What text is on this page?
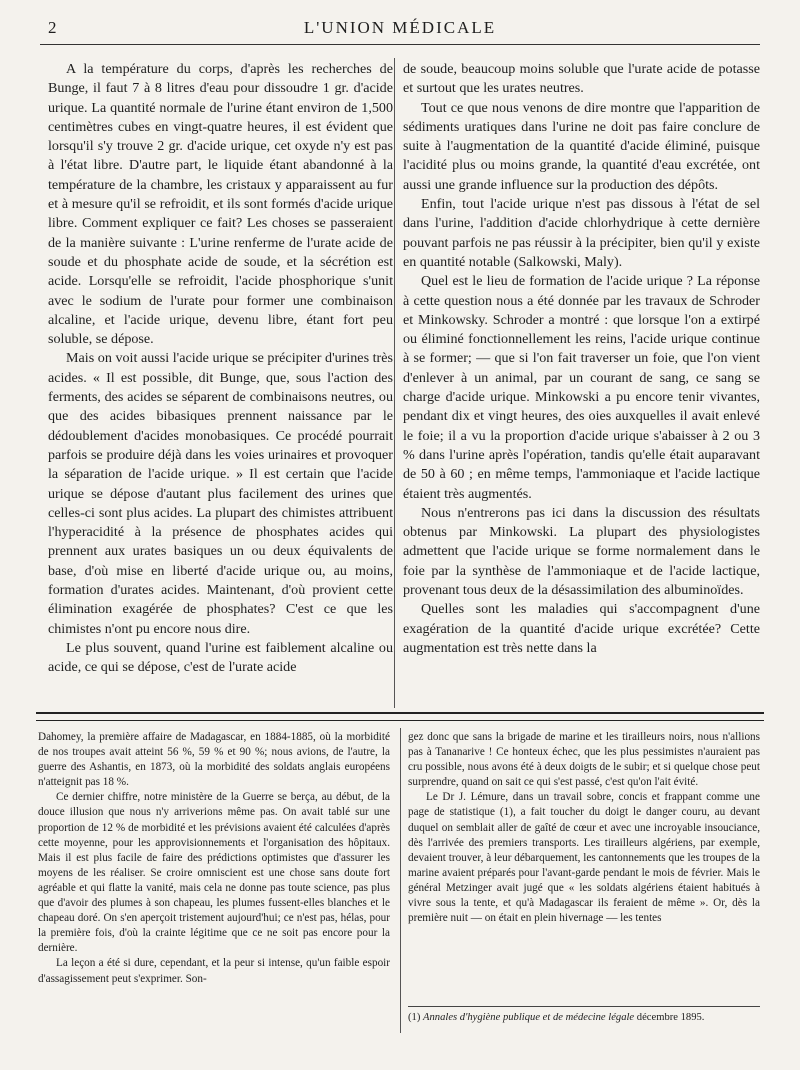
2	L'UNION MÉDICALE

A la température du corps, d'après les recherches de Bunge, il faut 7 à 8 litres d'eau pour dissoudre 1 gr. d'acide urique. La quantité normale de l'urine étant environ de 1,500 centimètres cubes en vingt-quatre heures, il est évident que lorsqu'il s'y trouve 2 gr. d'acide urique, cet oxyde n'y est pas à l'état libre. D'autre part, le liquide étant abandonné à la température de la chambre, les cristaux y apparaissent au fur et à mesure qu'il se refroidit, et ils sont formés d'acide urique libre. Comment expliquer ce fait? Les choses se passeraient de la manière suivante : L'urine renferme de l'urate acide de soude et du phosphate acide de soude, et la sécrétion est acide. Lorsqu'elle se refroidit, l'acide phosphorique s'unit avec le sodium de l'urate pour former une combinaison alcaline, et l'acide urique, devenu libre, étant fort peu soluble, se dépose.

Mais on voit aussi l'acide urique se précipiter d'urines très acides. « Il est possible, dit Bunge, que, sous l'action des ferments, des acides se séparent de combinaisons neutres, ou que des acides bibasiques prennent naissance par le dédoublement d'acides monobasiques. Ce procédé pourrait parfois se produire déjà dans les voies urinaires et provoquer la séparation de l'acide urique. » Il est certain que l'acide urique se dépose d'autant plus facilement des urines que celles-ci sont plus acides. La plupart des chimistes attribuent l'hyperacidité à la présence de phosphates acides qui prennent aux urates basiques un ou deux équivalents de base, d'où mise en liberté d'acide urique ou, au moins, formation d'urates acides. Maintenant, d'où provient cette élimination exagérée de phosphates? C'est ce que les chimistes n'ont pu encore nous dire.

Le plus souvent, quand l'urine est faiblement alcaline ou acide, ce qui se dépose, c'est de l'urate acide

de soude, beaucoup moins soluble que l'urate acide de potasse et surtout que les urates neutres.

Tout ce que nous venons de dire montre que l'apparition de sédiments uratiques dans l'urine ne doit pas faire conclure de suite à l'augmentation de la quantité d'acide éliminé, puisque l'acidité plus ou moins grande, la quantité d'eau excrétée, ont aussi une grande influence sur la production des dépôts.

Enfin, tout l'acide urique n'est pas dissous à l'état de sel dans l'urine, l'addition d'acide chlorhydrique à cette dernière pouvant parfois ne pas réussir à la précipiter, bien qu'il y existe en quantité notable (Salkowski, Maly).

Quel est le lieu de formation de l'acide urique ? La réponse à cette question nous a été donnée par les travaux de Schroder et Minkowsky. Schroder a montré : que lorsque l'on a extirpé ou éliminé fonctionnellement les reins, l'acide urique continue à se former; — que si l'on fait traverser un foie, que l'on vient d'enlever à un animal, par un courant de sang, ce sang se charge d'acide urique. Minkowski a pu encore tenir vivantes, pendant dix et vingt heures, des oies auxquelles il avait enlevé le foie; il a vu la proportion d'acide urique s'abaisser à 2 ou 3 % dans l'urine après l'opération, tandis qu'elle était auparavant de 50 à 60 ; en même temps, l'ammoniaque et l'acide lactique étaient très augmentés.

Nous n'entrerons pas ici dans la discussion des résultats obtenus par Minkowski. La plupart des physiologistes admettent que l'acide urique se forme normalement dans le foie par la synthèse de l'ammoniaque et de l'acide lactique, provenant tous deux de la désassimilation des albuminoïdes.

Quelles sont les maladies qui s'accompagnent d'une exagération de la quantité d'acide urique excrétée? Cette augmentation est très nette dans la

Dahomey, la première affaire de Madagascar, en 1884-1885, où la morbidité de nos troupes avait atteint 56 %, 59 % et 90 %; nous avions, de l'autre, la guerre des Ashantis, en 1873, où la morbidité des soldats anglais européens n'atteignit pas 18 %.

Ce dernier chiffre, notre ministère de la Guerre se berça, au début, de la douce illusion que nous n'y arriverions même pas. On avait tablé sur une proportion de 12 % de morbidité et les prévisions avaient été calculées d'après cette moyenne, pour les approvisionnements et l'organisation des hôpitaux. Mais il est plus facile de faire des prédictions optimistes que d'assurer les moyens de les réaliser. Se croire omniscient est une chose sans doute fort agréable et qui flatte la vanité, mais cela ne donne pas toute science, pas plus que d'avoir des plumes à son chapeau, les plumes fussent-elles blanches et le chapeau doré. On s'en aperçoit tristement aujourd'hui; ce n'est pas, hélas, pour la première fois, d'où la crainte légitime que ce ne soit pas encore pour la dernière.

La leçon a été si dure, cependant, et la peur si intense, qu'un faible espoir d'assagissement peut s'exprimer. Son-

gez donc que sans la brigade de marine et les tirailleurs noirs, nous n'allions pas à Tananarive ! Ce honteux échec, que les plus pessimistes n'auraient pas cru possible, nous avons été à deux doigts de le subir; et si quelque chose peut surprendre, quand on sait ce qui s'est passé, c'est qu'on l'ait évité.

Le Dr J. Lémure, dans un travail sobre, concis et frappant comme une page de statistique (1), a fait toucher du doigt le danger couru, au devant duquel on semblait aller de gaîté de cœur et avec une incroyable insouciance, dès l'arrivée des premiers transports. Les tirailleurs algériens, par exemple, devaient trouver, à leur débarquement, les cantonnements que les troupes de la marine avaient préparés pour l'avant-garde pendant le mois de février. Mais le général Metzinger avait jugé que « les soldats algériens étaient habitués à vivre sous la tente, et qu'à Madagascar ils feraient de même ». Or, dès la première nuit — on était en plein hivernage — les tentes

(1) Annales d'hygiène publique et de médecine légale décembre 1895.
